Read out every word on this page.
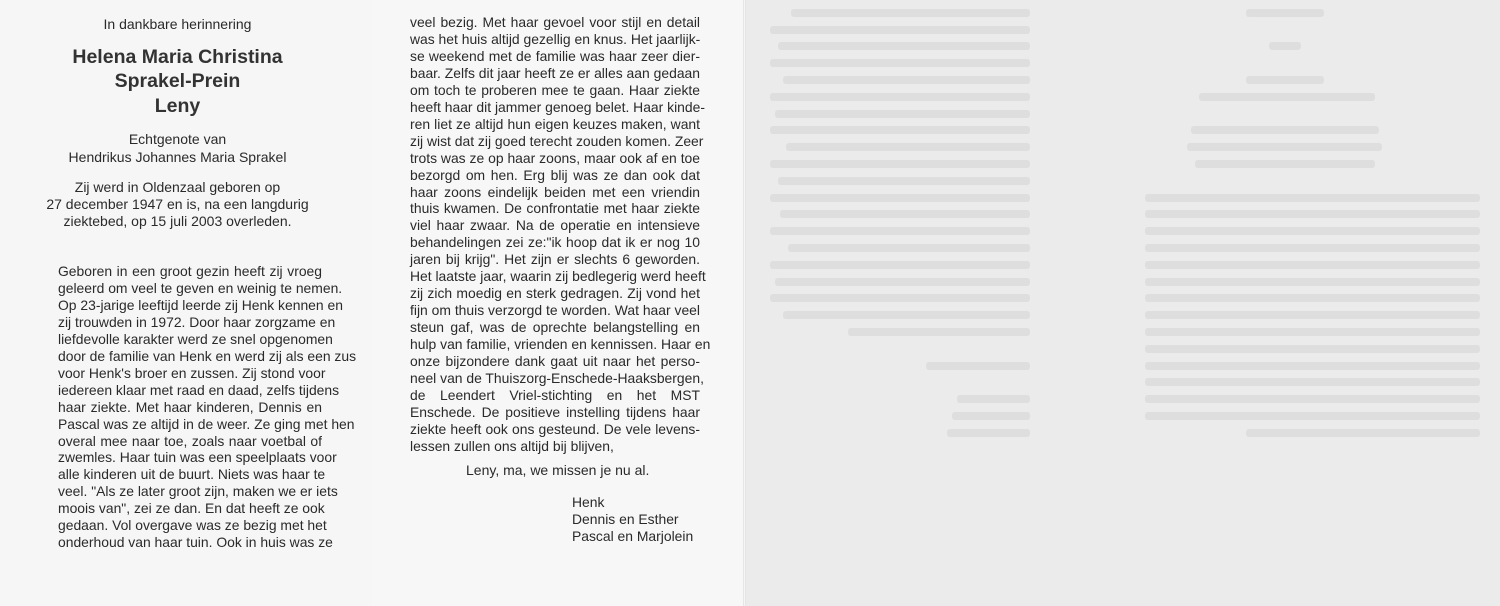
In dankbare herinnering
Helena Maria Christina
Sprakel-Prein
Leny
Echtgenote van
Hendrikus Johannes Maria Sprakel
Zij werd in Oldenzaal geboren op
27 december 1947 en is, na een langdurig
ziektebed, op 15 juli 2003 overleden.
Geboren in een groot gezin heeft zij vroeg
geleerd om veel te geven en weinig te nemen.
Op 23-jarige leeftijd leerde zij Henk kennen en
zij trouwden in 1972. Door haar zorgzame en
liefdevolle karakter werd ze snel opgenomen
door de familie van Henk en werd zij als een zus
voor Henk's broer en zussen. Zij stond voor
iedereen klaar met raad en daad, zelfs tijdens
haar ziekte. Met haar kinderen, Dennis en
Pascal was ze altijd in de weer. Ze ging met hen
overal mee naar toe, zoals naar voetbal of
zwemles. Haar tuin was een speelplaats voor
alle kinderen uit de buurt. Niets was haar te
veel. "Als ze later groot zijn, maken we er iets
moois van", zei ze dan. En dat heeft ze ook
gedaan. Vol overgave was ze bezig met het
onderhoud van haar tuin. Ook in huis was ze
veel bezig. Met haar gevoel voor stijl en detail
was het huis altijd gezellig en knus. Het jaarlijk-
se weekend met de familie was haar zeer dier-
baar. Zelfs dit jaar heeft ze er alles aan gedaan
om toch te proberen mee te gaan. Haar ziekte
heeft haar dit jammer genoeg belet. Haar kinde-
ren liet ze altijd hun eigen keuzes maken, want
zij wist dat zij goed terecht zouden komen. Zeer
trots was ze op haar zoons, maar ook af en toe
bezorgd om hen. Erg blij was ze dan ook dat
haar zoons eindelijk beiden met een vriendin
thuis kwamen. De confrontatie met haar ziekte
viel haar zwaar. Na de operatie en intensieve
behandelingen zei ze:"ik hoop dat ik er nog 10
jaren bij krijg". Het zijn er slechts 6 geworden.
Het laatste jaar, waarin zij bedlegerig werd heeft
zij zich moedig en sterk gedragen. Zij vond het
fijn om thuis verzorgd te worden. Wat haar veel
steun gaf, was de oprechte belangstelling en
hulp van familie, vrienden en kennissen. Haar en
onze bijzondere dank gaat uit naar het perso-
neel van de Thuiszorg-Enschede-Haaksbergen,
de Leendert Vriel-stichting en het MST
Enschede. De positieve instelling tijdens haar
ziekte heeft ook ons gesteund. De vele levens-
lessen zullen ons altijd bij blijven,
Leny, ma, we missen je nu al.
Henk
Dennis en Esther
Pascal en Marjolein
